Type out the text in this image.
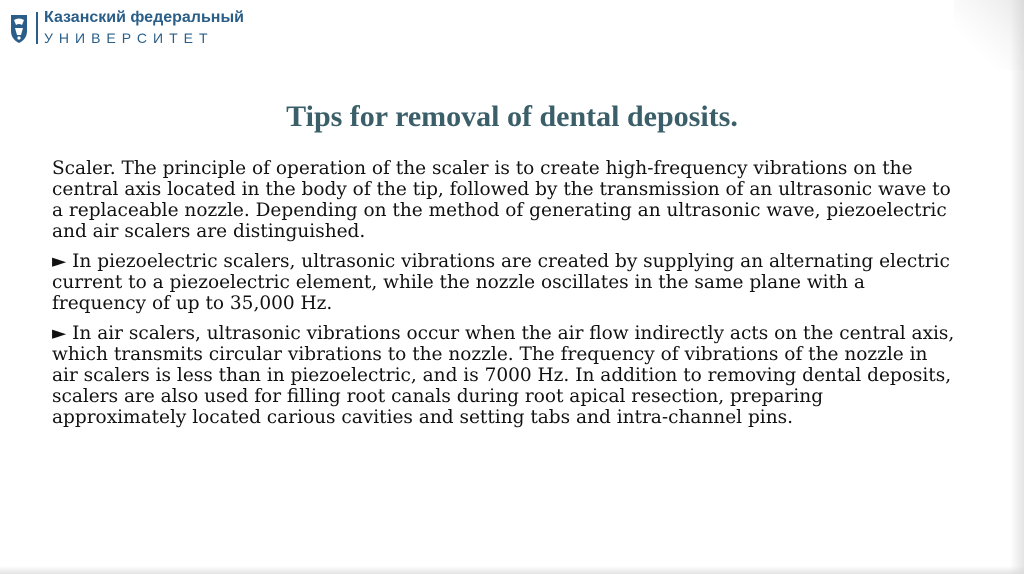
Казанский федеральный
УНИВЕРСИТЕТ
Tips for removal of dental deposits.

Scaler. The principle of operation of the scaler is to create high-frequency vibrations on the central axis located in the body of the tip, followed by the transmission of an ultrasonic wave to a replaceable nozzle. Depending on the method of generating an ultrasonic wave, piezoelectric and air scalers are distinguished.

► In piezoelectric scalers, ultrasonic vibrations are created by supplying an alternating electric current to a piezoelectric element, while the nozzle oscillates in the same plane with a frequency of up to 35,000 Hz.

► In air scalers, ultrasonic vibrations occur when the air flow indirectly acts on the central axis, which transmits circular vibrations to the nozzle. The frequency of vibrations of the nozzle in air scalers is less than in piezoelectric, and is 7000 Hz. In addition to removing dental deposits, scalers are also used for filling root canals during root apical resection, preparing approximately located carious cavities and setting tabs and intra-channel pins.
